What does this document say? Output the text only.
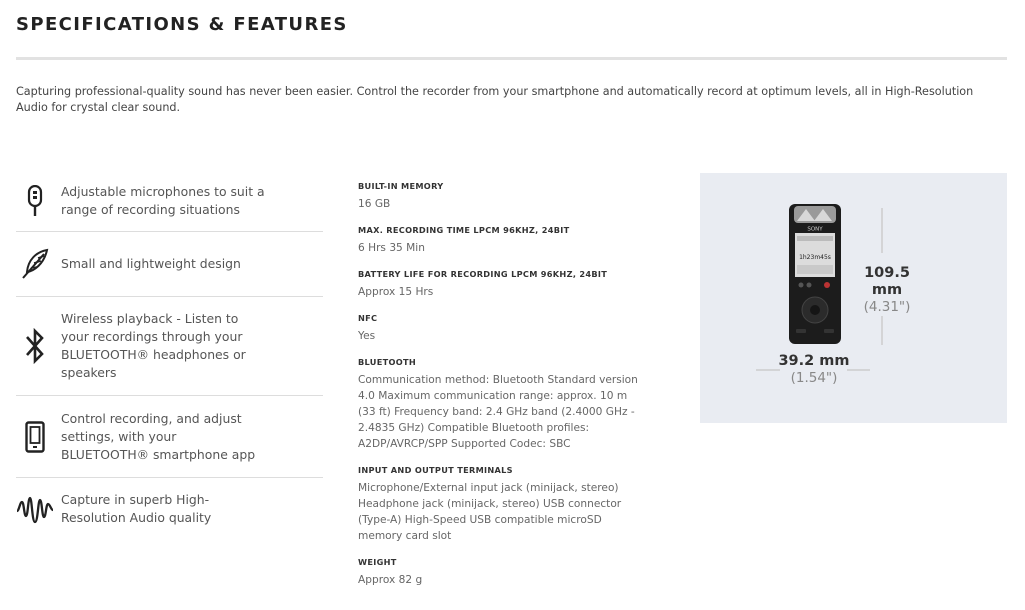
SPECIFICATIONS & FEATURES

Capturing professional-quality sound has never been easier. Control the recorder from your smartphone and automatically record at optimum levels, all in High-Resolution Audio for crystal clear sound.

Adjustable microphones to suit a range of recording situations
Small and lightweight design
Wireless playback - Listen to your recordings through your BLUETOOTH® headphones or speakers
Control recording, and adjust settings, with your BLUETOOTH® smartphone app
Capture in superb High-Resolution Audio quality
BUILT-IN MEMORY
16 GB
MAX. RECORDING TIME LPCM 96KHZ, 24BIT
6 Hrs 35 Min
BATTERY LIFE FOR RECORDING LPCM 96KHZ, 24BIT
Approx 15 Hrs
NFC
Yes
BLUETOOTH
Communication method: Bluetooth Standard version 4.0 Maximum communication range: approx. 10 m (33 ft) Frequency band: 2.4 GHz band (2.4000 GHz - 2.4835 GHz) Compatible Bluetooth profiles: A2DP/AVRCP/SPP Supported Codec: SBC
INPUT AND OUTPUT TERMINALS
Microphone/External input jack (minijack, stereo) Headphone jack (minijack, stereo) USB connector (Type-A) High-Speed USB compatible microSD memory card slot
WEIGHT
Approx 82 g
SONY
1h23m45s
109.5 mm
(4.31")
39.2 mm
(1.54")
